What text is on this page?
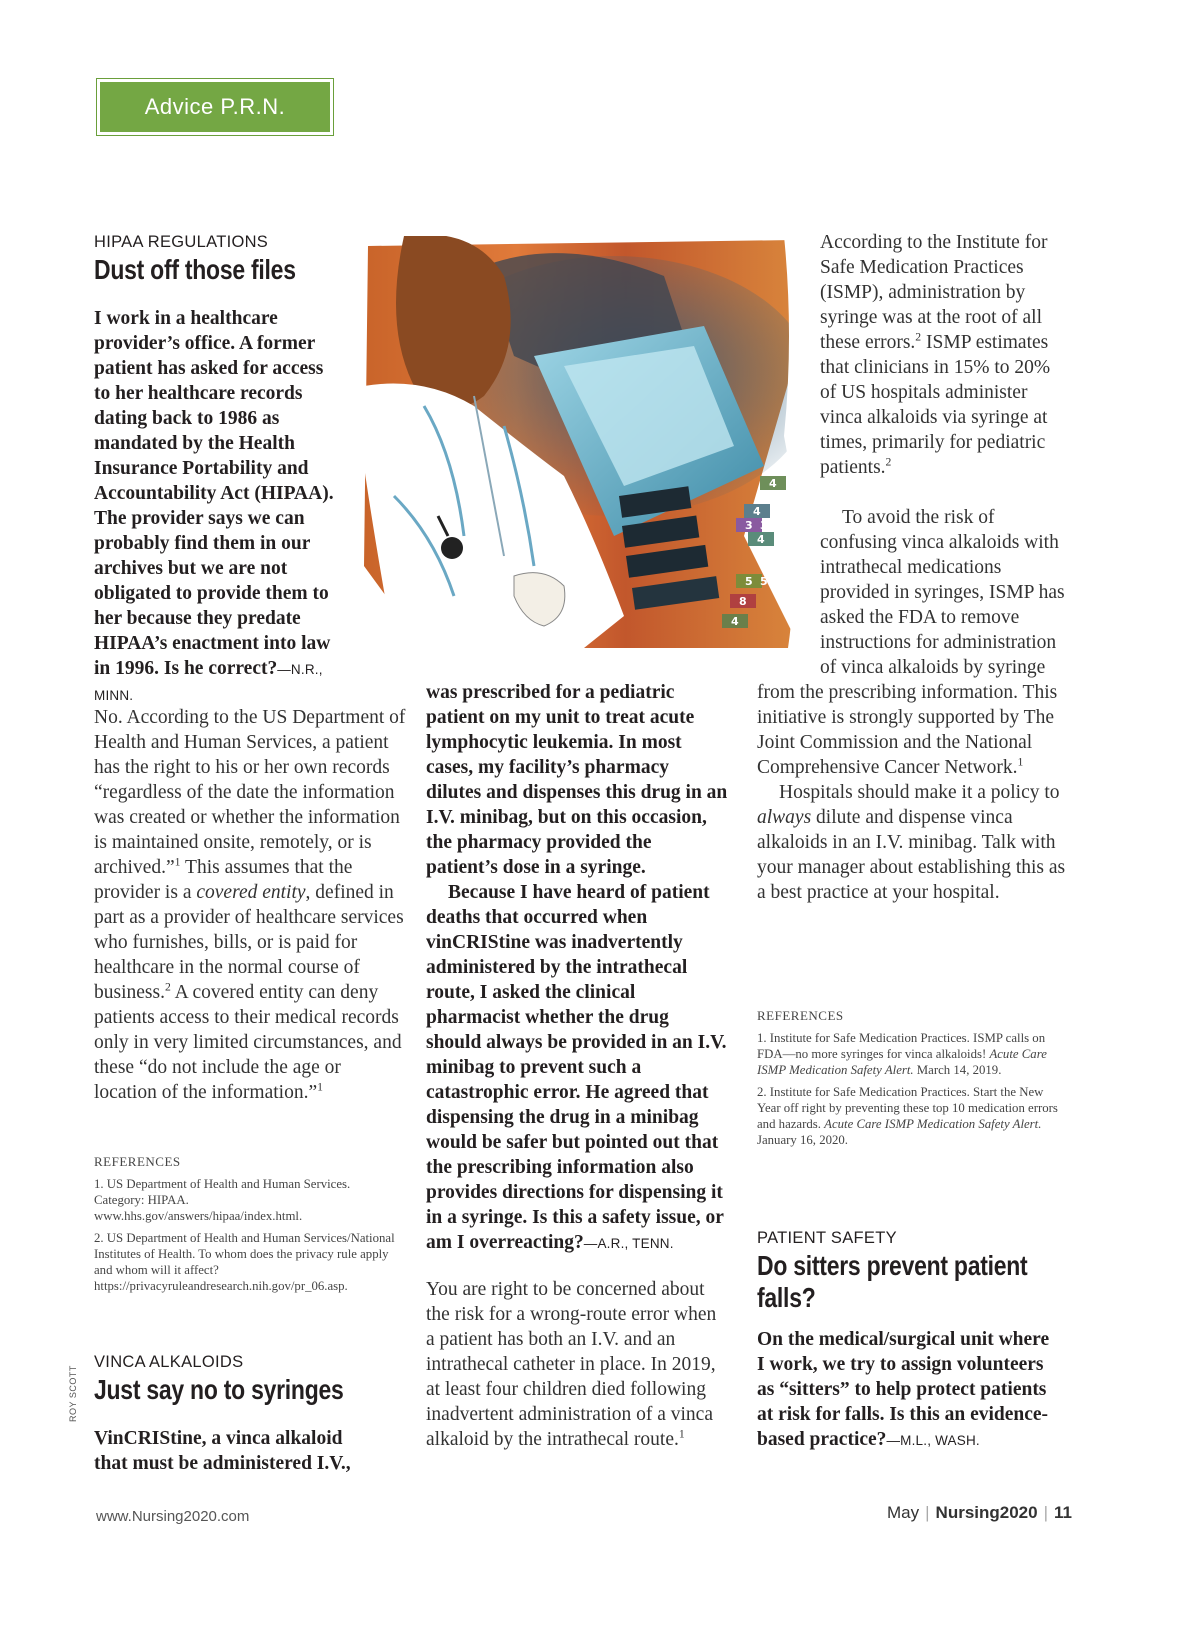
Advice P.R.N.
HIPAA REGULATIONS
Dust off those files
I work in a healthcare provider’s office. A former patient has asked for access to her healthcare records dating back to 1986 as mandated by the Health Insurance Portability and Accountability Act (HIPAA). The provider says we can probably find them in our archives but we are not obligated to provide them to her because they predate HIPAA’s enactment into law in 1996. Is he correct?—N.R., MINN.

No. According to the US Department of Health and Human Services, a patient has the right to his or her own records “regardless of the date the information was created or whether the information is maintained onsite, remotely, or is archived.”$^1$ This assumes that the provider is a covered entity, defined in part as a provider of healthcare services who furnishes, bills, or is paid for healthcare in the normal course of business.$^2$ A covered entity can deny patients access to their medical records only in very limited circumstances, and these “do not include the age or location of the information.”$^1$

REFERENCES

1. US Department of Health and Human Services. Category: HIPAA. www.hhs.gov/answers/hipaa/index.html.

2. US Department of Health and Human Services/National Institutes of Health. To whom does the privacy rule apply and whom will it affect? https://privacyruleandresearch.nih.gov/pr_06.asp.

VINCA ALKALOIDS
Just say no to syringes
VinCRIStine, a vinca alkaloid that must be administered I.V.,
was prescribed for a pediatric patient on my unit to treat acute lymphocytic leukemia. In most cases, my facility’s pharmacy dilutes and dispenses this drug in an I.V. minibag, but on this occasion, the pharmacy provided the patient’s dose in a syringe.
Because I have heard of patient deaths that occurred when vinCRIStine was inadvertently administered by the intrathecal route, I asked the clinical pharmacist whether the drug should always be provided in an I.V. minibag to prevent such a catastrophic error. He agreed that dispensing the drug in a minibag would be safer but pointed out that the prescribing information also provides directions for dispensing it in a syringe. Is this a safety issue, or am I overreacting?—A.R., TENN.

You are right to be concerned about the risk for a wrong-route error when a patient has both an I.V. and an intrathecal catheter in place. In 2019, at least four children died following inadvertent administration of a vinca alkaloid by the intrathecal route.$^1$

4
4
3 3
4
5 5
8
4
ROY SCOTT

According to the Institute for Safe Medication Practices (ISMP), administration by syringe was at the root of all these errors.$^2$ ISMP estimates that clinicians in 15% to 20% of US hospitals administer vinca alkaloids via syringe at times, primarily for pediatric patients.$^2$

To avoid the risk of confusing vinca alkaloids with intrathecal medications provided in syringes, ISMP has asked the FDA to remove instructions for administration of vinca alkaloids by syringe from the prescribing information. This initiative is strongly supported by The Joint Commission and the National Comprehensive Cancer Network.$^1$

Hospitals should make it a policy to always dilute and dispense vinca alkaloids in an I.V. minibag. Talk with your manager about establishing this as a best practice at your hospital.

REFERENCES

1. Institute for Safe Medication Practices. ISMP calls on FDA—no more syringes for vinca alkaloids! Acute Care ISMP Medication Safety Alert. March 14, 2019.

2. Institute for Safe Medication Practices. Start the New Year off right by preventing these top 10 medication errors and hazards. Acute Care ISMP Medication Safety Alert. January 16, 2020.

PATIENT SAFETY
Do sitters prevent patient falls?
On the medical/surgical unit where I work, we try to assign volunteers as “sitters” to help protect patients at risk for falls. Is this an evidence-based practice?—M.L., WASH.
www.Nursing2020.com	May | Nursing2020 | 11
